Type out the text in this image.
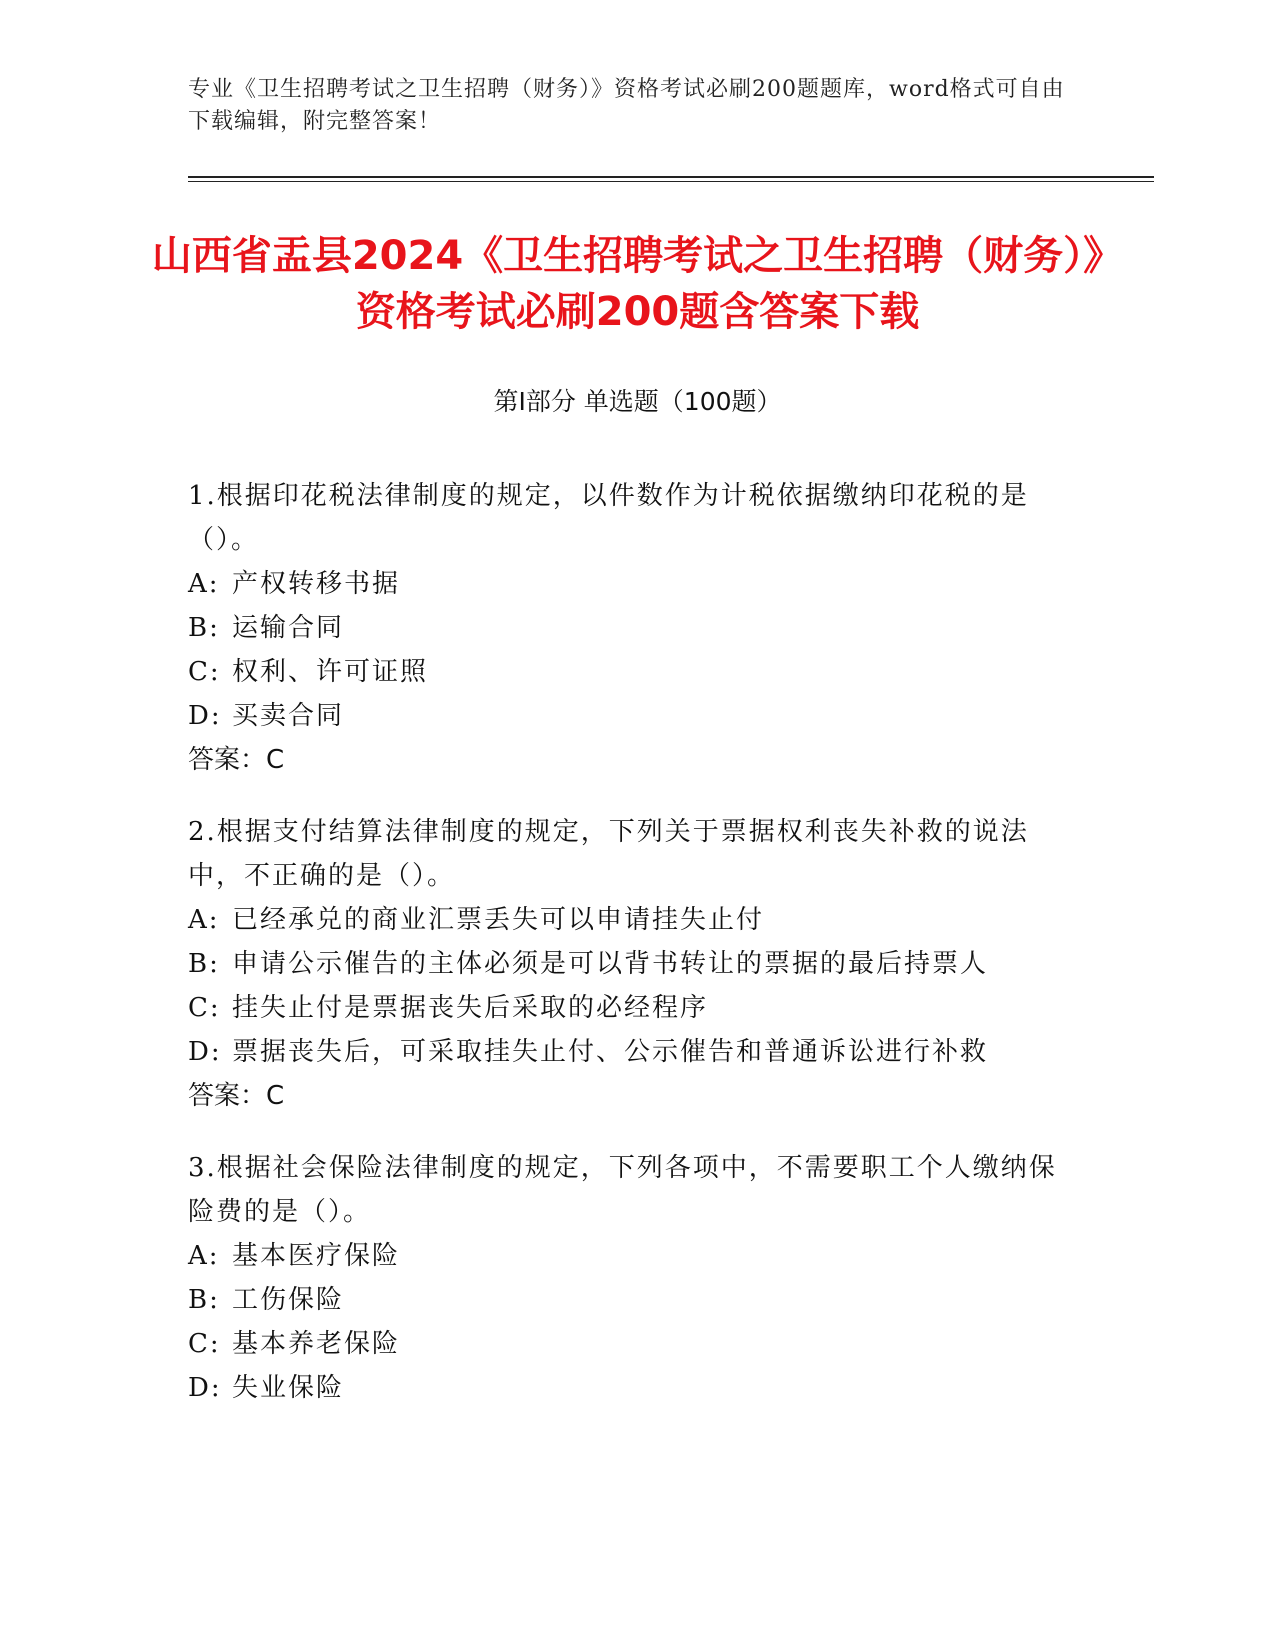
专业《卫生招聘考试之卫生招聘（财务）》资格考试必刷200题题库，word格式可自由下载编辑，附完整答案！
山西省盂县2024《卫生招聘考试之卫生招聘（财务）》资格考试必刷200题含答案下载
第Ⅰ部分 单选题（100题）

1.根据印花税法律制度的规定，以件数作为计税依据缴纳印花税的是（）。

A: 产权转移书据

B: 运输合同

C: 权利、许可证照

D: 买卖合同

答案：C

2.根据支付结算法律制度的规定，下列关于票据权利丧失补救的说法中，不正确的是（）。

A: 已经承兑的商业汇票丢失可以申请挂失止付

B: 申请公示催告的主体必须是可以背书转让的票据的最后持票人

C: 挂失止付是票据丧失后采取的必经程序

D: 票据丧失后，可采取挂失止付、公示催告和普通诉讼进行补救

答案：C

3.根据社会保险法律制度的规定，下列各项中，不需要职工个人缴纳保险费的是（）。

A: 基本医疗保险

B: 工伤保险

C: 基本养老保险

D: 失业保险
